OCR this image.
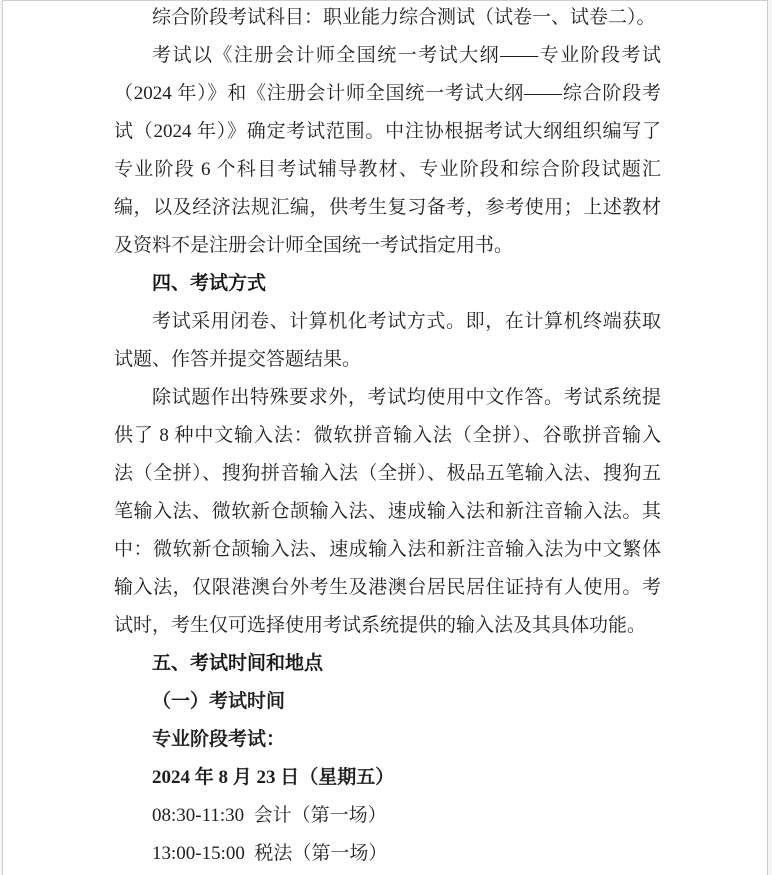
综合阶段考试科目：职业能力综合测试（试卷一、试卷二）。
考试以《注册会计师全国统一考试大纲——专业阶段考试
（2024 年）》和《注册会计师全国统一考试大纲——综合阶段考
试（2024 年）》确定考试范围。中注协根据考试大纲组织编写了
专业阶段 6 个科目考试辅导教材、专业阶段和综合阶段试题汇
编，以及经济法规汇编，供考生复习备考，参考使用；上述教材
及资料不是注册会计师全国统一考试指定用书。
四、考试方式
考试采用闭卷、计算机化考试方式。即，在计算机终端获取
试题、作答并提交答题结果。
除试题作出特殊要求外，考试均使用中文作答。考试系统提
供了 8 种中文输入法：微软拼音输入法（全拼）、谷歌拼音输入
法（全拼）、搜狗拼音输入法（全拼）、极品五笔输入法、搜狗五
笔输入法、微软新仓颉输入法、速成输入法和新注音输入法。其
中：微软新仓颉输入法、速成输入法和新注音输入法为中文繁体
输入法，仅限港澳台外考生及港澳台居民居住证持有人使用。考
试时，考生仅可选择使用考试系统提供的输入法及其具体功能。
五、考试时间和地点
（一）考试时间
专业阶段考试：
2024 年 8 月 23 日（星期五）
08:30-11:30  会计（第一场）
13:00-15:00  税法（第一场）
